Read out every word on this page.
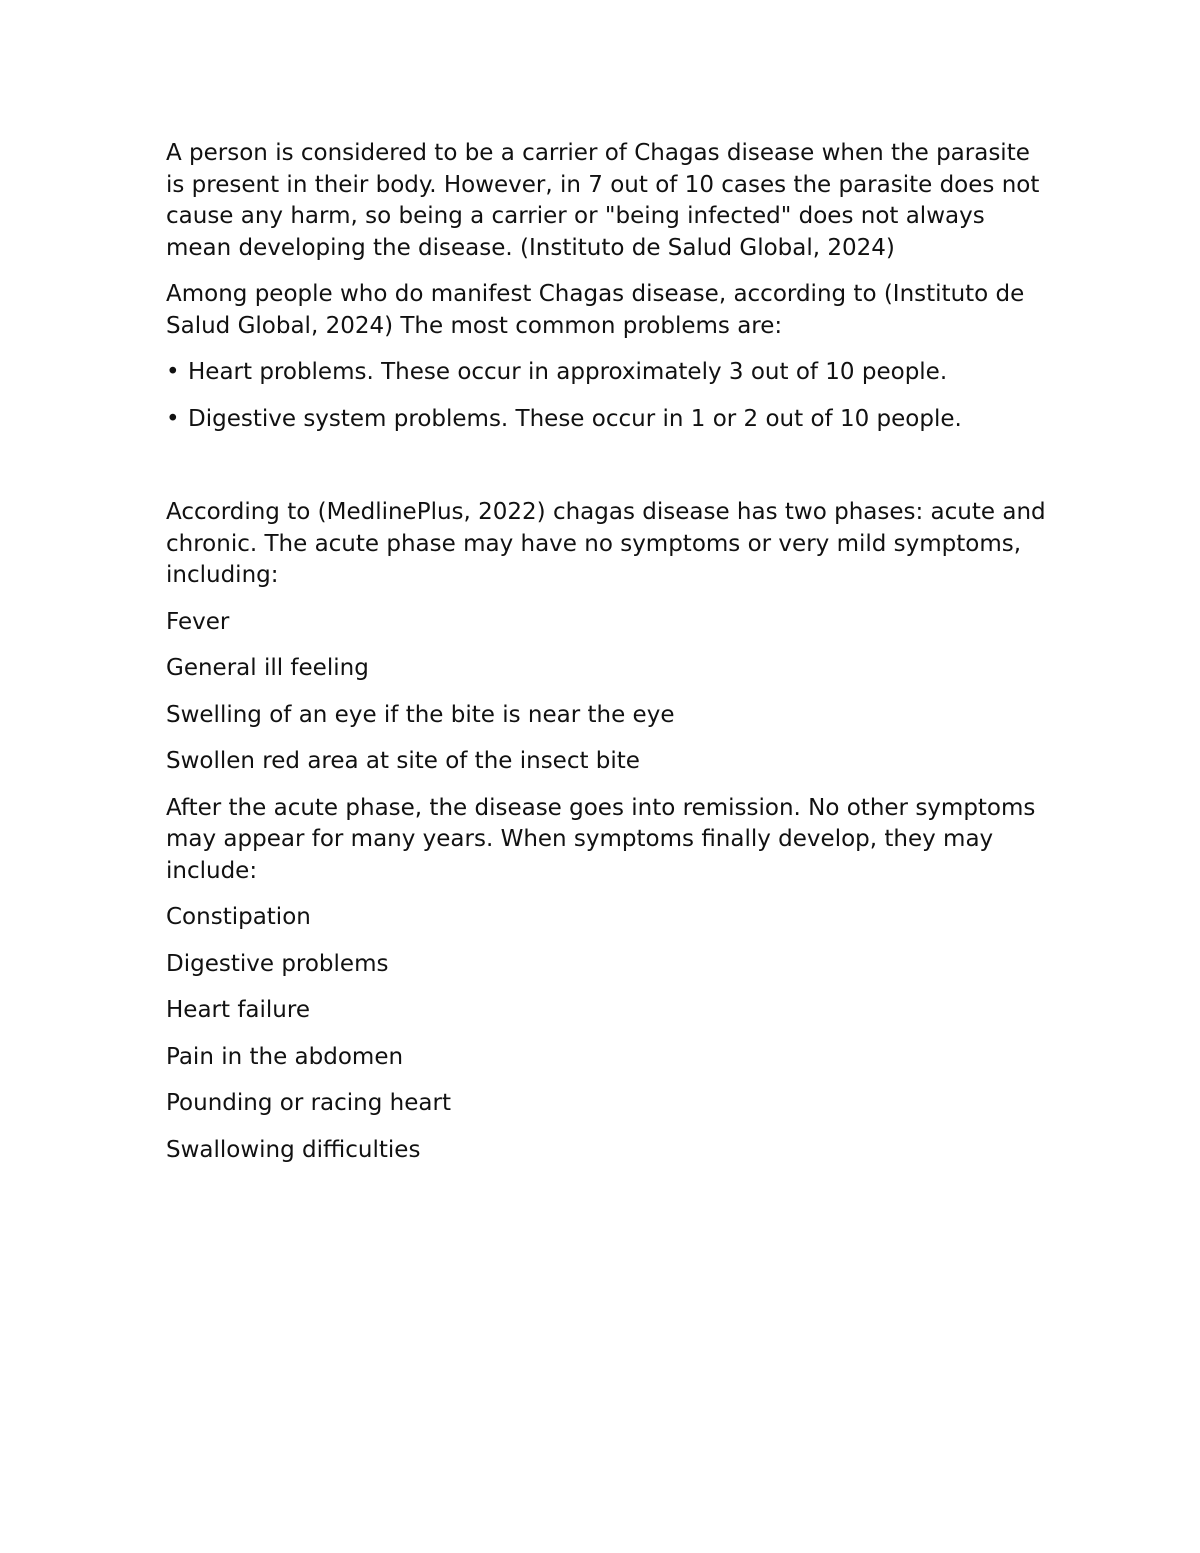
A person is considered to be a carrier of Chagas disease when the parasite is present in their body. However, in 7 out of 10 cases the parasite does not cause any harm, so being a carrier or "being infected" does not always mean developing the disease. (Instituto de Salud Global, 2024)

Among people who do manifest Chagas disease, according to (Instituto de Salud Global, 2024) The most common problems are:

• Heart problems. These occur in approximately 3 out of 10 people.
• Digestive system problems. These occur in 1 or 2 out of 10 people.

According to (MedlinePlus, 2022) chagas disease has two phases: acute and chronic. The acute phase may have no symptoms or very mild symptoms, including:

Fever

General ill feeling

Swelling of an eye if the bite is near the eye

Swollen red area at site of the insect bite

After the acute phase, the disease goes into remission. No other symptoms may appear for many years. When symptoms finally develop, they may include:

Constipation

Digestive problems

Heart failure

Pain in the abdomen

Pounding or racing heart

Swallowing difficulties
